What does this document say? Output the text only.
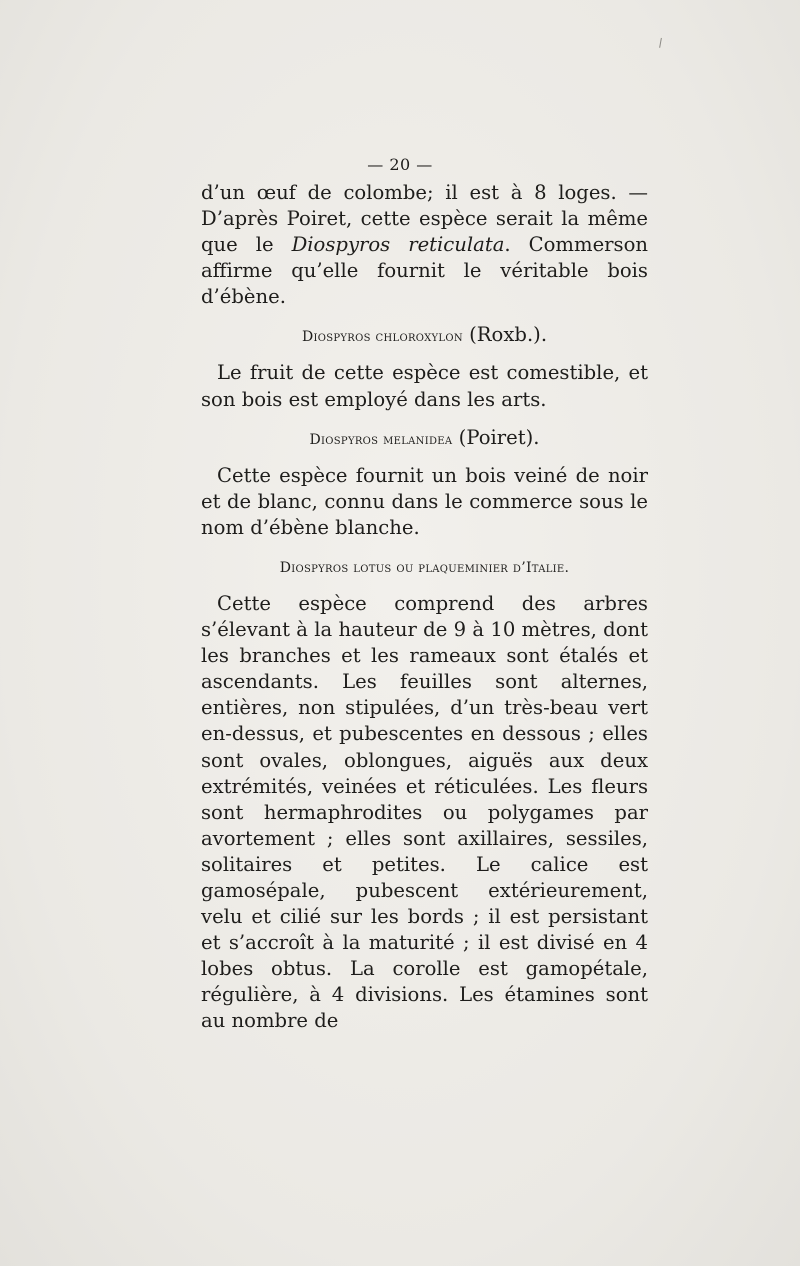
— 20 —

d’un œuf de colombe; il est à 8 loges. — D’après Poiret, cette espèce serait la même que le Diospyros reticulata. Commerson affirme qu’elle fournit le véritable bois d’ébène.

Diospyros chloroxylon (Roxb.).

Le fruit de cette espèce est comestible, et son bois est employé dans les arts.

Diospyros melanidea (Poiret).

Cette espèce fournit un bois veiné de noir et de blanc, connu dans le commerce sous le nom d’ébène blanche.

Diospyros lotus ou plaqueminier d’Italie.

Cette espèce comprend des arbres s’élevant à la hauteur de 9 à 10 mètres, dont les branches et les rameaux sont étalés et ascendants. Les feuilles sont alternes, entières, non stipulées, d’un très-beau vert en-dessus, et pubescentes en dessous ; elles sont ovales, oblongues, aiguës aux deux extrémités, veinées et réticulées. Les fleurs sont hermaphrodites ou polygames par avortement ; elles sont axillaires, sessiles, solitaires et petites. Le calice est gamosépale, pubescent extérieurement, velu et cilié sur les bords ; il est persistant et s’accroît à la maturité ; il est divisé en 4 lobes obtus. La corolle est gamopétale, régulière, à 4 divisions. Les étamines sont au nombre de
